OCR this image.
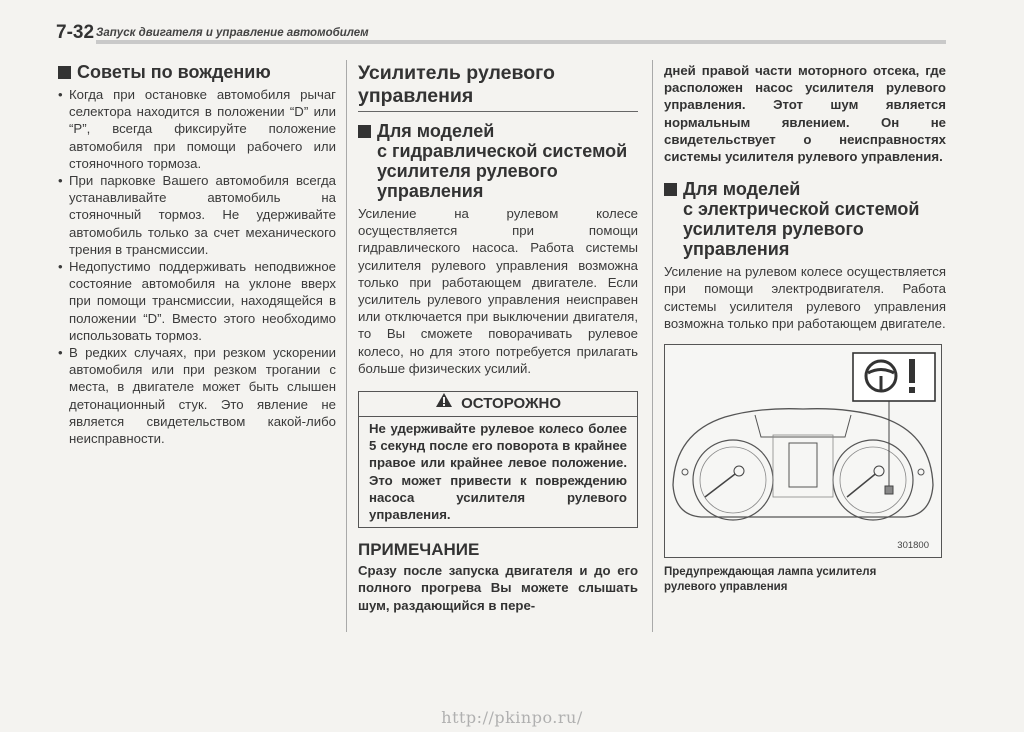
7-32 Запуск двигателя и управление автомобилем
Советы по вождению
• Когда при остановке автомобиля рычаг селектора находится в положении “D” или “P”, всегда фиксируйте положение автомобиля при помощи рабочего или стояночного тормоза.
• При парковке Вашего автомобиля всегда устанавливайте автомобиль на стояночный тормоз. Не удерживайте автомобиль только за счет механического трения в трансмиссии.
• Недопустимо поддерживать неподвижное состояние автомобиля на уклоне вверх при помощи трансмиссии, находящейся в положении “D”. Вместо этого необходимо использовать тормоз.
• В редких случаях, при резком ускорении автомобиля или при резком трогании с места, в двигателе может быть слышен детонационный стук. Это явление не является свидетельством какой-либо неисправности.
Усилитель рулевого
управления
Для моделей
с гидравлической системой
усилителя рулевого
управления

Усиление на рулевом колесе осуществляется при помощи гидравлического насоса. Работа системы усилителя рулевого управления возможна только при работающем двигателе. Если усилитель рулевого управления неисправен или отключается при выключении двигателя, то Вы сможете поворачивать рулевое колесо, но для этого потребуется прилагать больше физических усилий.

ОСТОРОЖНО

Не удерживайте рулевое колесо более 5 секунд после его поворота в крайнее правое или крайнее левое положение. Это может привести к повреждению насоса усилителя рулевого управления.

ПРИМЕЧАНИЕ

Сразу после запуска двигателя и до его полного прогрева Вы можете слышать шум, раздающийся в пере-

дней правой части моторного отсека, где расположен насос усилителя рулевого управления. Этот шум является нормальным явлением. Он не свидетельствует о неисправностях системы усилителя рулевого управления.

Для моделей
с электрической системой
усилителя рулевого
управления

Усиление на рулевом колесе осуществляется при помощи электродвигателя. Работа системы усилителя рулевого управления возможна только при работающем двигателе.

301800
Предупреждающая лампа усилителя
рулевого управления
http://pkinpo.ru/
